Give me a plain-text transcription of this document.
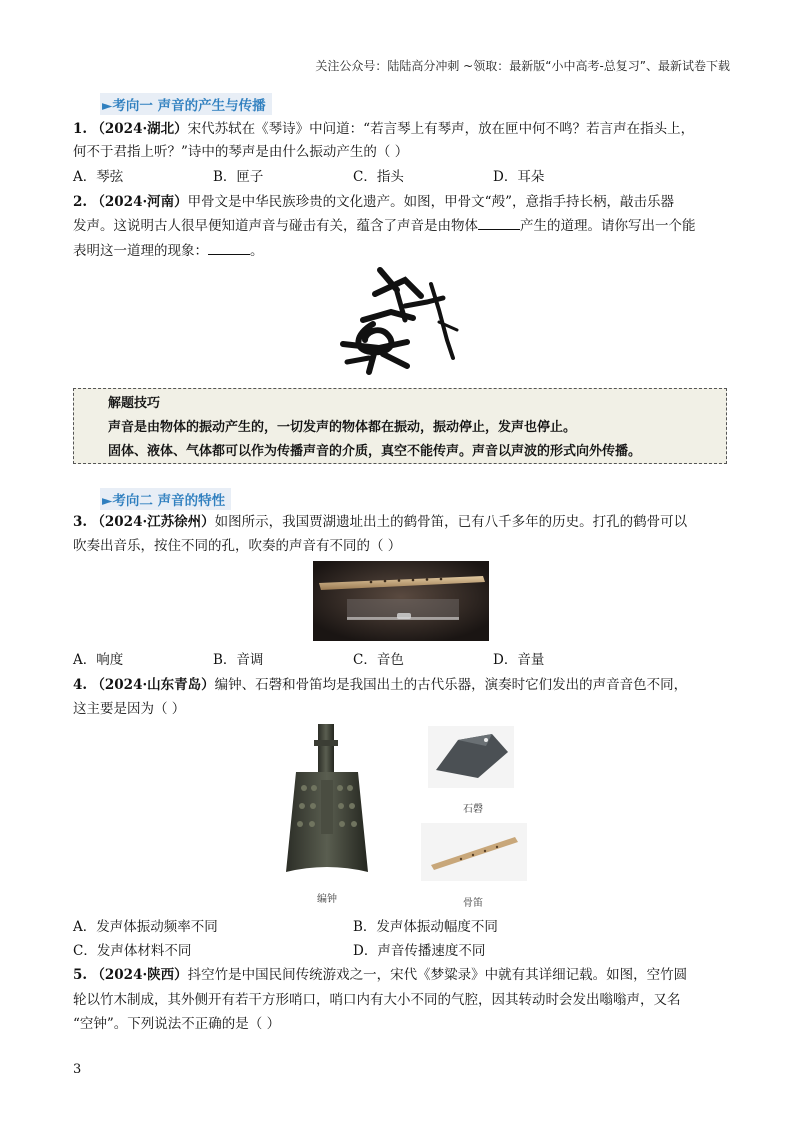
关注公众号：陆陆高分冲刺 ~领取：最新版“小中高考-总复习”、最新试卷下载
►考向一 声音的产生与传播
1. （2024·湖北）宋代苏轼在《琴诗》中问道：“若言琴上有琴声，放在匣中何不鸣？若言声在指头上，
何不于君指上听？”诗中的琴声是由什么振动产生的（ ）
A．琴弦	B．匣子	C．指头	D．耳朵
2. （2024·河南）甲骨文是中华民族珍贵的文化遗产。如图，甲骨文“殸”，意指手持长柄，敲击乐器
发声。这说明古人很早便知道声音与碰击有关，蕴含了声音是由物体	产生的道理。请你写出一个能
表明这一道理的现象：	。
解题技巧
声音是由物体的振动产生的，一切发声的物体都在振动，振动停止，发声也停止。
固体、液体、气体都可以作为传播声音的介质，真空不能传声。声音以声波的形式向外传播。
►考向二 声音的特性
3. （2024·江苏徐州）如图所示，我国贾湖遗址出土的鹤骨笛，已有八千多年的历史。打孔的鹤骨可以
吹奏出音乐，按住不同的孔，吹奏的声音有不同的（ ）
A．响度	B．音调	C．音色	D．音量
4. （2024·山东青岛）编钟、石磬和骨笛均是我国出土的古代乐器，演奏时它们发出的声音音色不同，
这主要是因为（ ）
编钟
石磬
骨笛
A．发声体振动频率不同	B．发声体振动幅度不同
C．发声体材料不同	D．声音传播速度不同
5. （2024·陕西）抖空竹是中国民间传统游戏之一，宋代《梦粱录》中就有其详细记载。如图，空竹圆
轮以竹木制成，其外侧开有若干方形哨口，哨口内有大小不同的气腔，因其转动时会发出嗡嗡声，又名
“空钟”。下列说法不正确的是（ ）
3
